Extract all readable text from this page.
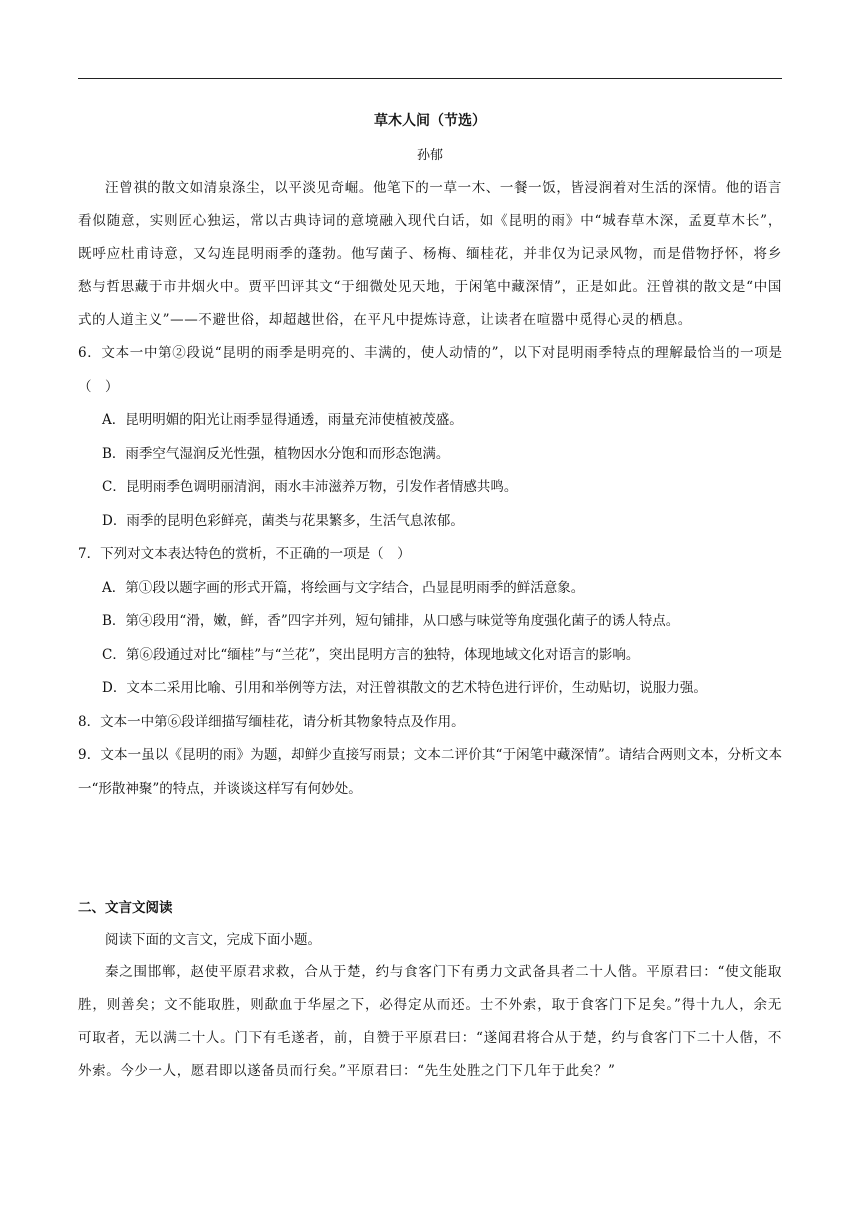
草木人间（节选）

孙郁

汪曾祺的散文如清泉涤尘，以平淡见奇崛。他笔下的一草一木、一餐一饭，皆浸润着对生活的深情。他的语言看似随意，实则匠心独运，常以古典诗词的意境融入现代白话，如《昆明的雨》中“城春草木深，孟夏草木长”，既呼应杜甫诗意，又勾连昆明雨季的蓬勃。他写菌子、杨梅、缅桂花，并非仅为记录风物，而是借物抒怀，将乡愁与哲思藏于市井烟火中。贾平凹评其文“于细微处见天地，于闲笔中藏深情”，正是如此。汪曾祺的散文是“中国式的人道主义”——不避世俗，却超越世俗，在平凡中提炼诗意，让读者在喧嚣中觅得心灵的栖息。

6．文本一中第②段说“昆明的雨季是明亮的、丰满的，使人动情的”，以下对昆明雨季特点的理解最恰当的一项是（　）

A．昆明明媚的阳光让雨季显得通透，雨量充沛使植被茂盛。

B．雨季空气湿润反光性强，植物因水分饱和而形态饱满。

C．昆明雨季色调明丽清润，雨水丰沛滋养万物，引发作者情感共鸣。

D．雨季的昆明色彩鲜亮，菌类与花果繁多，生活气息浓郁。

7．下列对文本表达特色的赏析，不正确的一项是（　）

A．第①段以题字画的形式开篇，将绘画与文字结合，凸显昆明雨季的鲜活意象。

B．第④段用“滑，嫩，鲜，香”四字并列，短句铺排，从口感与味觉等角度强化菌子的诱人特点。

C．第⑥段通过对比“缅桂”与“兰花”，突出昆明方言的独特，体现地域文化对语言的影响。

D．文本二采用比喻、引用和举例等方法，对汪曾祺散文的艺术特色进行评价，生动贴切，说服力强。

8．文本一中第⑥段详细描写缅桂花，请分析其物象特点及作用。

9．文本一虽以《昆明的雨》为题，却鲜少直接写雨景；文本二评价其“于闲笔中藏深情”。请结合两则文本，分析文本一“形散神聚”的特点，并谈谈这样写有何妙处。

二、文言文阅读

阅读下面的文言文，完成下面小题。

秦之围邯郸，赵使平原君求救，合从于楚，约与食客门下有勇力文武备具者二十人偕。平原君曰：“使文能取胜，则善矣；文不能取胜，则歃血于华屋之下，必得定从而还。士不外索，取于食客门下足矣。”得十九人，余无可取者，无以满二十人。门下有毛遂者，前，自赞于平原君曰：“遂闻君将合从于楚，约与食客门下二十人偕，不外索。今少一人，愿君即以遂备员而行矣。”平原君曰：“先生处胜之门下几年于此矣？”
